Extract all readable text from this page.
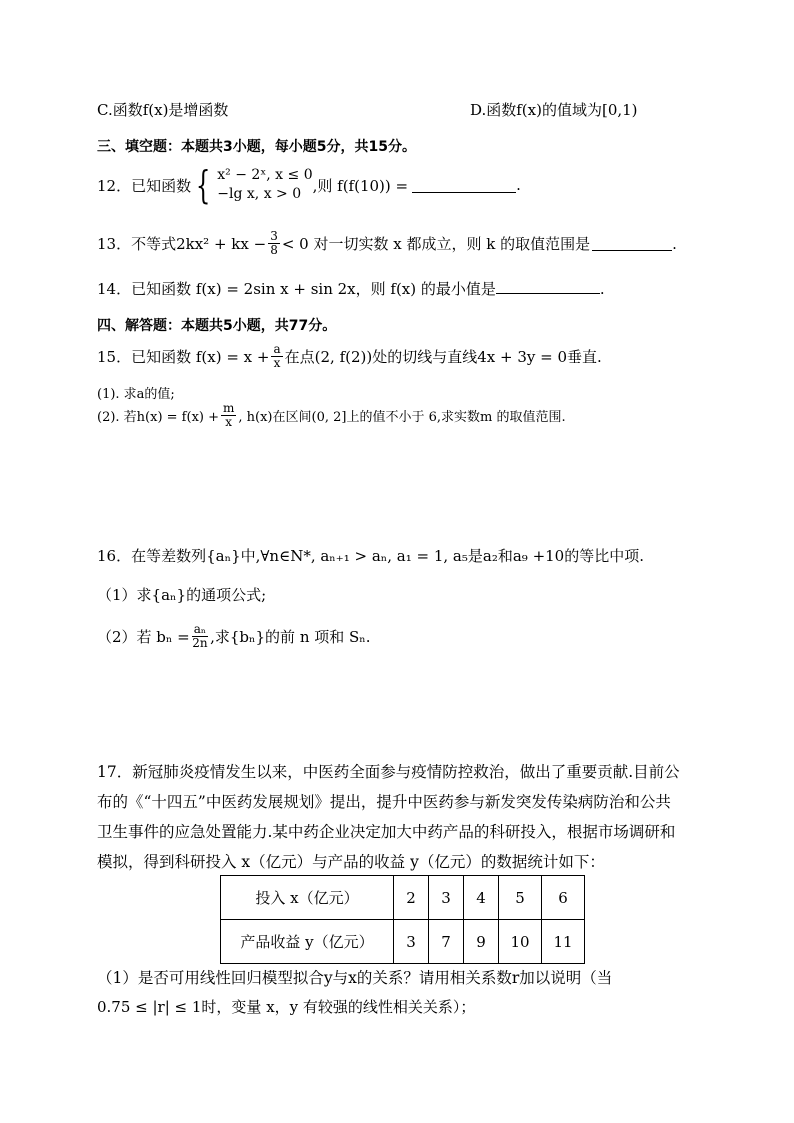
C.函数f(x)是增函数	D.函数f(x)的值域为[0,1)
三、填空题：本题共3小题，每小题5分，共15分。
12．已知函数 { x² − 2ˣ, x ≤ 0
−lg x, x > 0 ,则 f(f(10)) =	.
13．不等式2kx² + kx − $\frac{3}{8} < 0$ 对一切实数 x 都成立，则 k 的取值范围是	.
14．已知函数 f(x) = 2sin x + sin 2x，则 f(x) 的最小值是	.
四、解答题：本题共5小题，共77分。
15．已知函数 $f(x) = x + \frac{a}{x}$ 在点(2, f(2))处的切线与直线4x + 3y = 0垂直.
(1). 求a的值;
(2). 若$h(x) = f(x) + \frac{m}{x}$ , h(x)在区间(0, 2]上的值不小于 6,求实数m 的取值范围.
16．在等差数列{aₙ}中,∀n∈N*, aₙ₊₁ > aₙ, a₁ = 1, a₅是a₂和a₉ +10的等比中项.
（1）求{aₙ}的通项公式;
（2）若 $b_n = \frac{\text{aₙ}}{2n}$ ,求{bₙ}的前 n 项和 Sₙ.
17．新冠肺炎疫情发生以来，中医药全面参与疫情防控救治，做出了重要贡献.目前公
布的《“十四五”中医药发展规划》提出，提升中医药参与新发突发传染病防治和公共
卫生事件的应急处置能力.某中药企业决定加大中药产品的科研投入，根据市场调研和
模拟，得到科研投入 x（亿元）与产品的收益 y（亿元）的数据统计如下：
投入 x（亿元）	2	3	4	5	6
产品收益 y（亿元）	3	7	9	10	11
（1）是否可用线性回归模型拟合y与x的关系？请用相关系数r加以说明（当
0.75 ≤ |r| ≤ 1时，变量 x，y 有较强的线性相关关系）；
